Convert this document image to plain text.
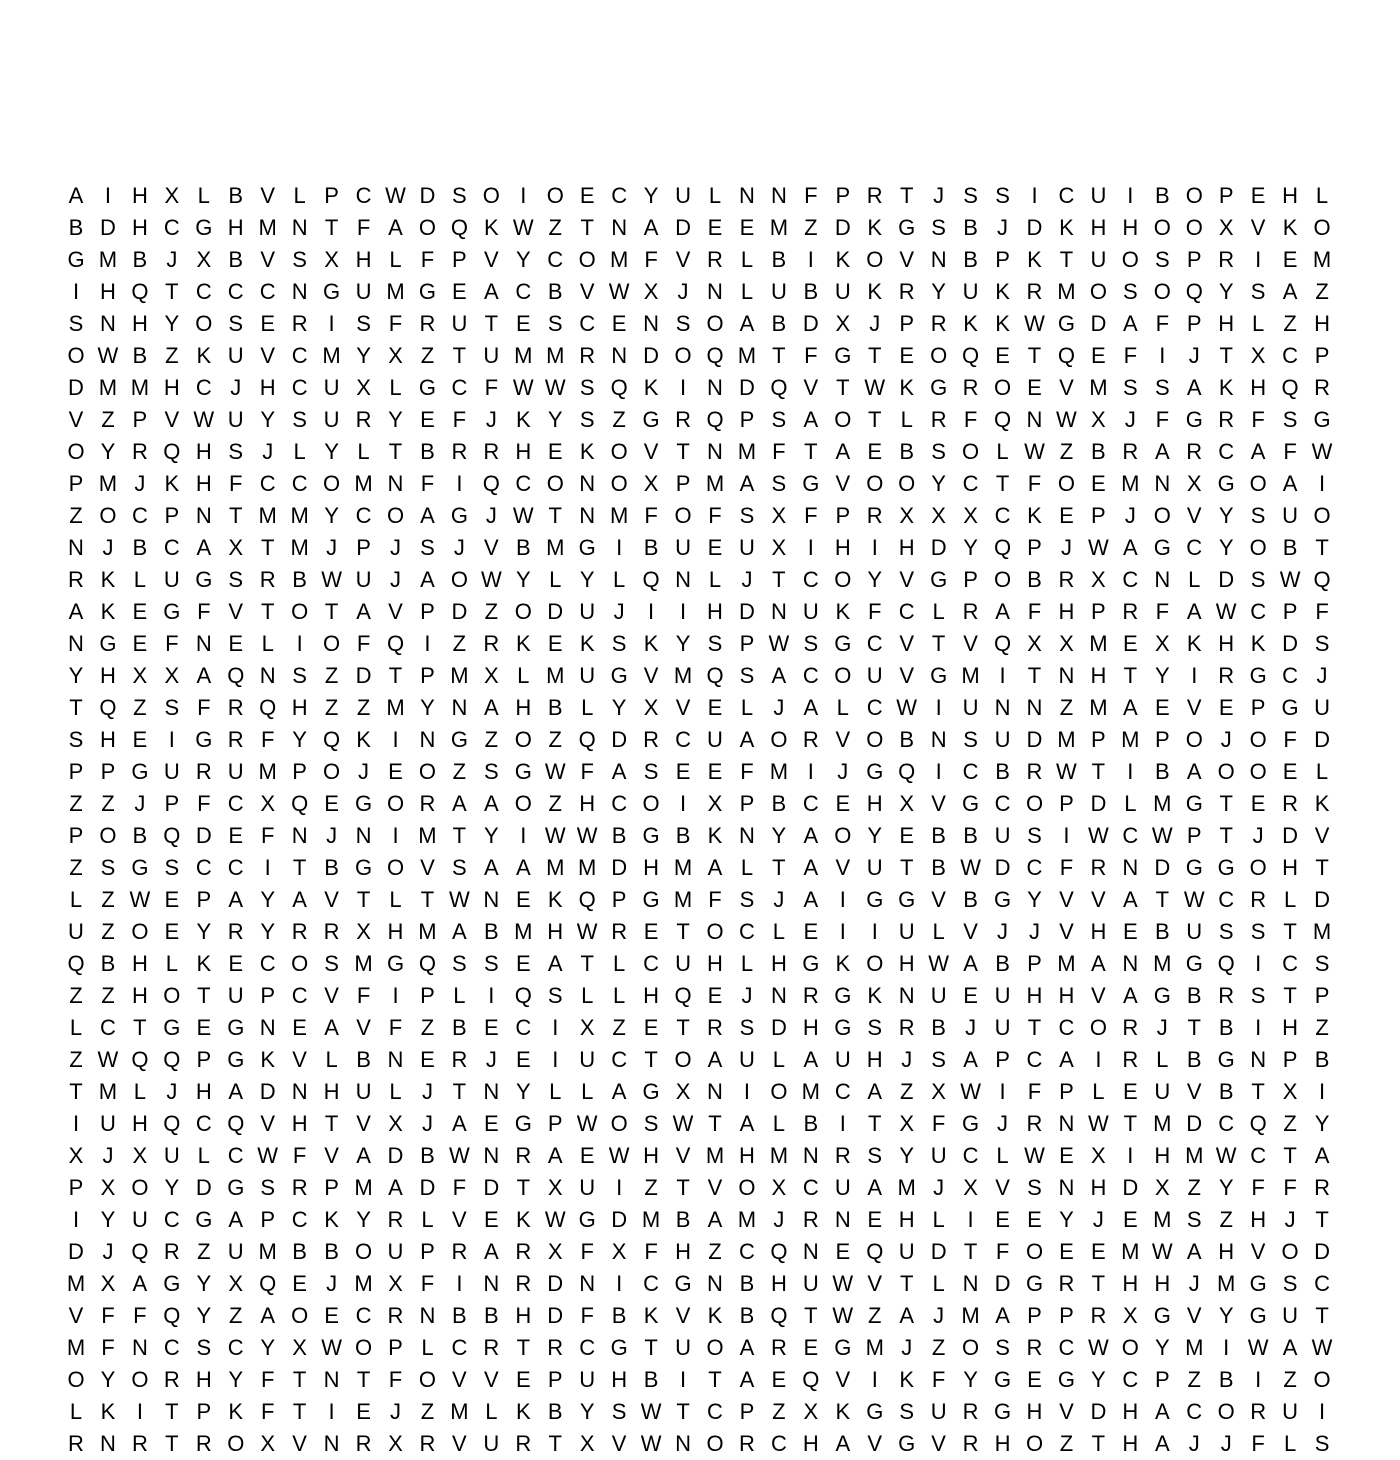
A I H X L B V L P C W D S O I O E C Y U L N N F P R T J S S I C U I B O P E H L
B D H C G H M N T F A O Q K W Z T N A D E E M Z D K G S B J D K H H O O X V K O
G M B J X B V S X H L F P V Y C O M F V R L B I K O V N B P K T U O S P R I E M
I H Q T C C C N G U M G E A C B V W X J N L U B U K R Y U K R M O S O Q Y S A Z
S N H Y O S E R I S F R U T E S C E N S O A B D X J P R K K W G D A F P H L Z H
O W B Z K U V C M Y X Z T U M M R N D O Q M T F G T E O Q E T Q E F	I	J T X C P
D M M H C J H C U X L G C F W W S Q K I N D Q V T W K G R O E V M S S A K H Q R
V Z P V W U Y S U R Y E F J K Y S Z G R Q P S A O T L R F Q N W X J F G R F S G
O Y R Q H S J L Y L T B R R H E K O V T N M F T A E B S O L W Z B R A R C A F W
P M J K H F C C O M N F	I Q C O N O X P M A S G V O O Y C T F O E M N X G O A I
Z O C P N T M M Y C O A G J W T N M F O F S X F P R X X X C K E P J O V Y S U O
N J B C A X T M J P J S J V B M G I B U E U X I H I H D Y Q P J W A G C Y O B T
R K L U G S R B W U J A O W Y L Y L Q N L J T C O Y V G P O B R X C N L D S W Q
A K E G F V T O T A V P D Z O D U J	I	I H D N U K F C L R A F H P R F A W C P F
N G E F N E L	I O F Q I	Z R K E K S K Y S P W S G C V T V Q X X M E X K H K D S
Y H X X A Q N S Z D T P M X L M U G V M Q S A C O U V G M I	T N H T Y I R G C J
T Q Z S F R Q H Z Z M Y N A H B L Y X V E L J A L C W I U N N Z M A E V E P G U
S H E I G R F Y Q K I N G Z O Z Q D R C U A O R V O B N S U D M P M P O J O F D
P P G U R U M P O J E O Z S G W F A S E E F M I	J G Q I C B R W T	I B A O O E L
Z Z J P F C X Q E G O R A A O Z H C O I X P B C E H X V G C O P D L M G T E R K
P O B Q D E F N J N I M T Y I W W B G B K N Y A O Y E B B U S I W C W P T J D V
Z S G S C C I	T B G O V S A A M M D H M A L T A V U T B W D C F R N D G G O H T
L Z W E P A Y A V T L T W N E K Q P G M F S J A I G G V B G Y V V A T W C R L D
U Z O E Y R Y R R X H M A B M H W R E T O C L E I	I U L V J J V H E B U S S T M
Q B H L K E C O S M G Q S S E A T L C U H L H G K O H W A B P M A N M G Q I C S
Z Z H O T U P C V F	I P L	I Q S L L H Q E J N R G K N U E U H H V A G B R S T P
L C T G E G N E A V F Z B E C I X Z E T R S D H G S R B J U T C O R J T B I H Z
Z W Q Q P G K V L B N E R J E I U C T O A U L A U H J S A P C A I R L B G N P B
T M L J H A D N H U L J T N Y L L A G X N I O M C A Z X W I	F P L E U V B T X I
I U H Q C Q V H T V X J A E G P W O S W T A L B I	T X F G J R N W T M D C Q Z Y
X J X U L C W F V A D B W N R A E W H V M H M N R S Y U C L W E X I H M W C T A
P X O Y D G S R P M A D F D T X U I	Z T V O X C U A M J X V S N H D X Z Y F F R
I Y U C G A P C K Y R L V E K W G D M B A M J R N E H L	I E E Y J E M S Z H J T
D J Q R Z U M B B O U P R A R X F X F H Z C Q N E Q U D T F O E E M W A H V O D
M X A G Y X Q E J M X F	I N R D N I C G N B H U W V T L N D G R T H H J M G S C
V F F Q Y Z A O E C R N B B H D F B K V K B Q T W Z A J M A P P R X G V Y G U T
M F N C S C Y X W O P L C R T R C G T U O A R E G M J Z O S R C W O Y M I W A W
O Y O R H Y F T N T F O V V E P U H B I	T A E Q V I K F Y G E G Y C P Z B I	Z O
L K I	T P K F T	I E J Z M L K B Y S W T C P Z X K G S U R G H V D H A C O R U I
R N R T R O X V N R X R V U R T X V W N O R C H A V G V R H O Z T H A J J F L S
